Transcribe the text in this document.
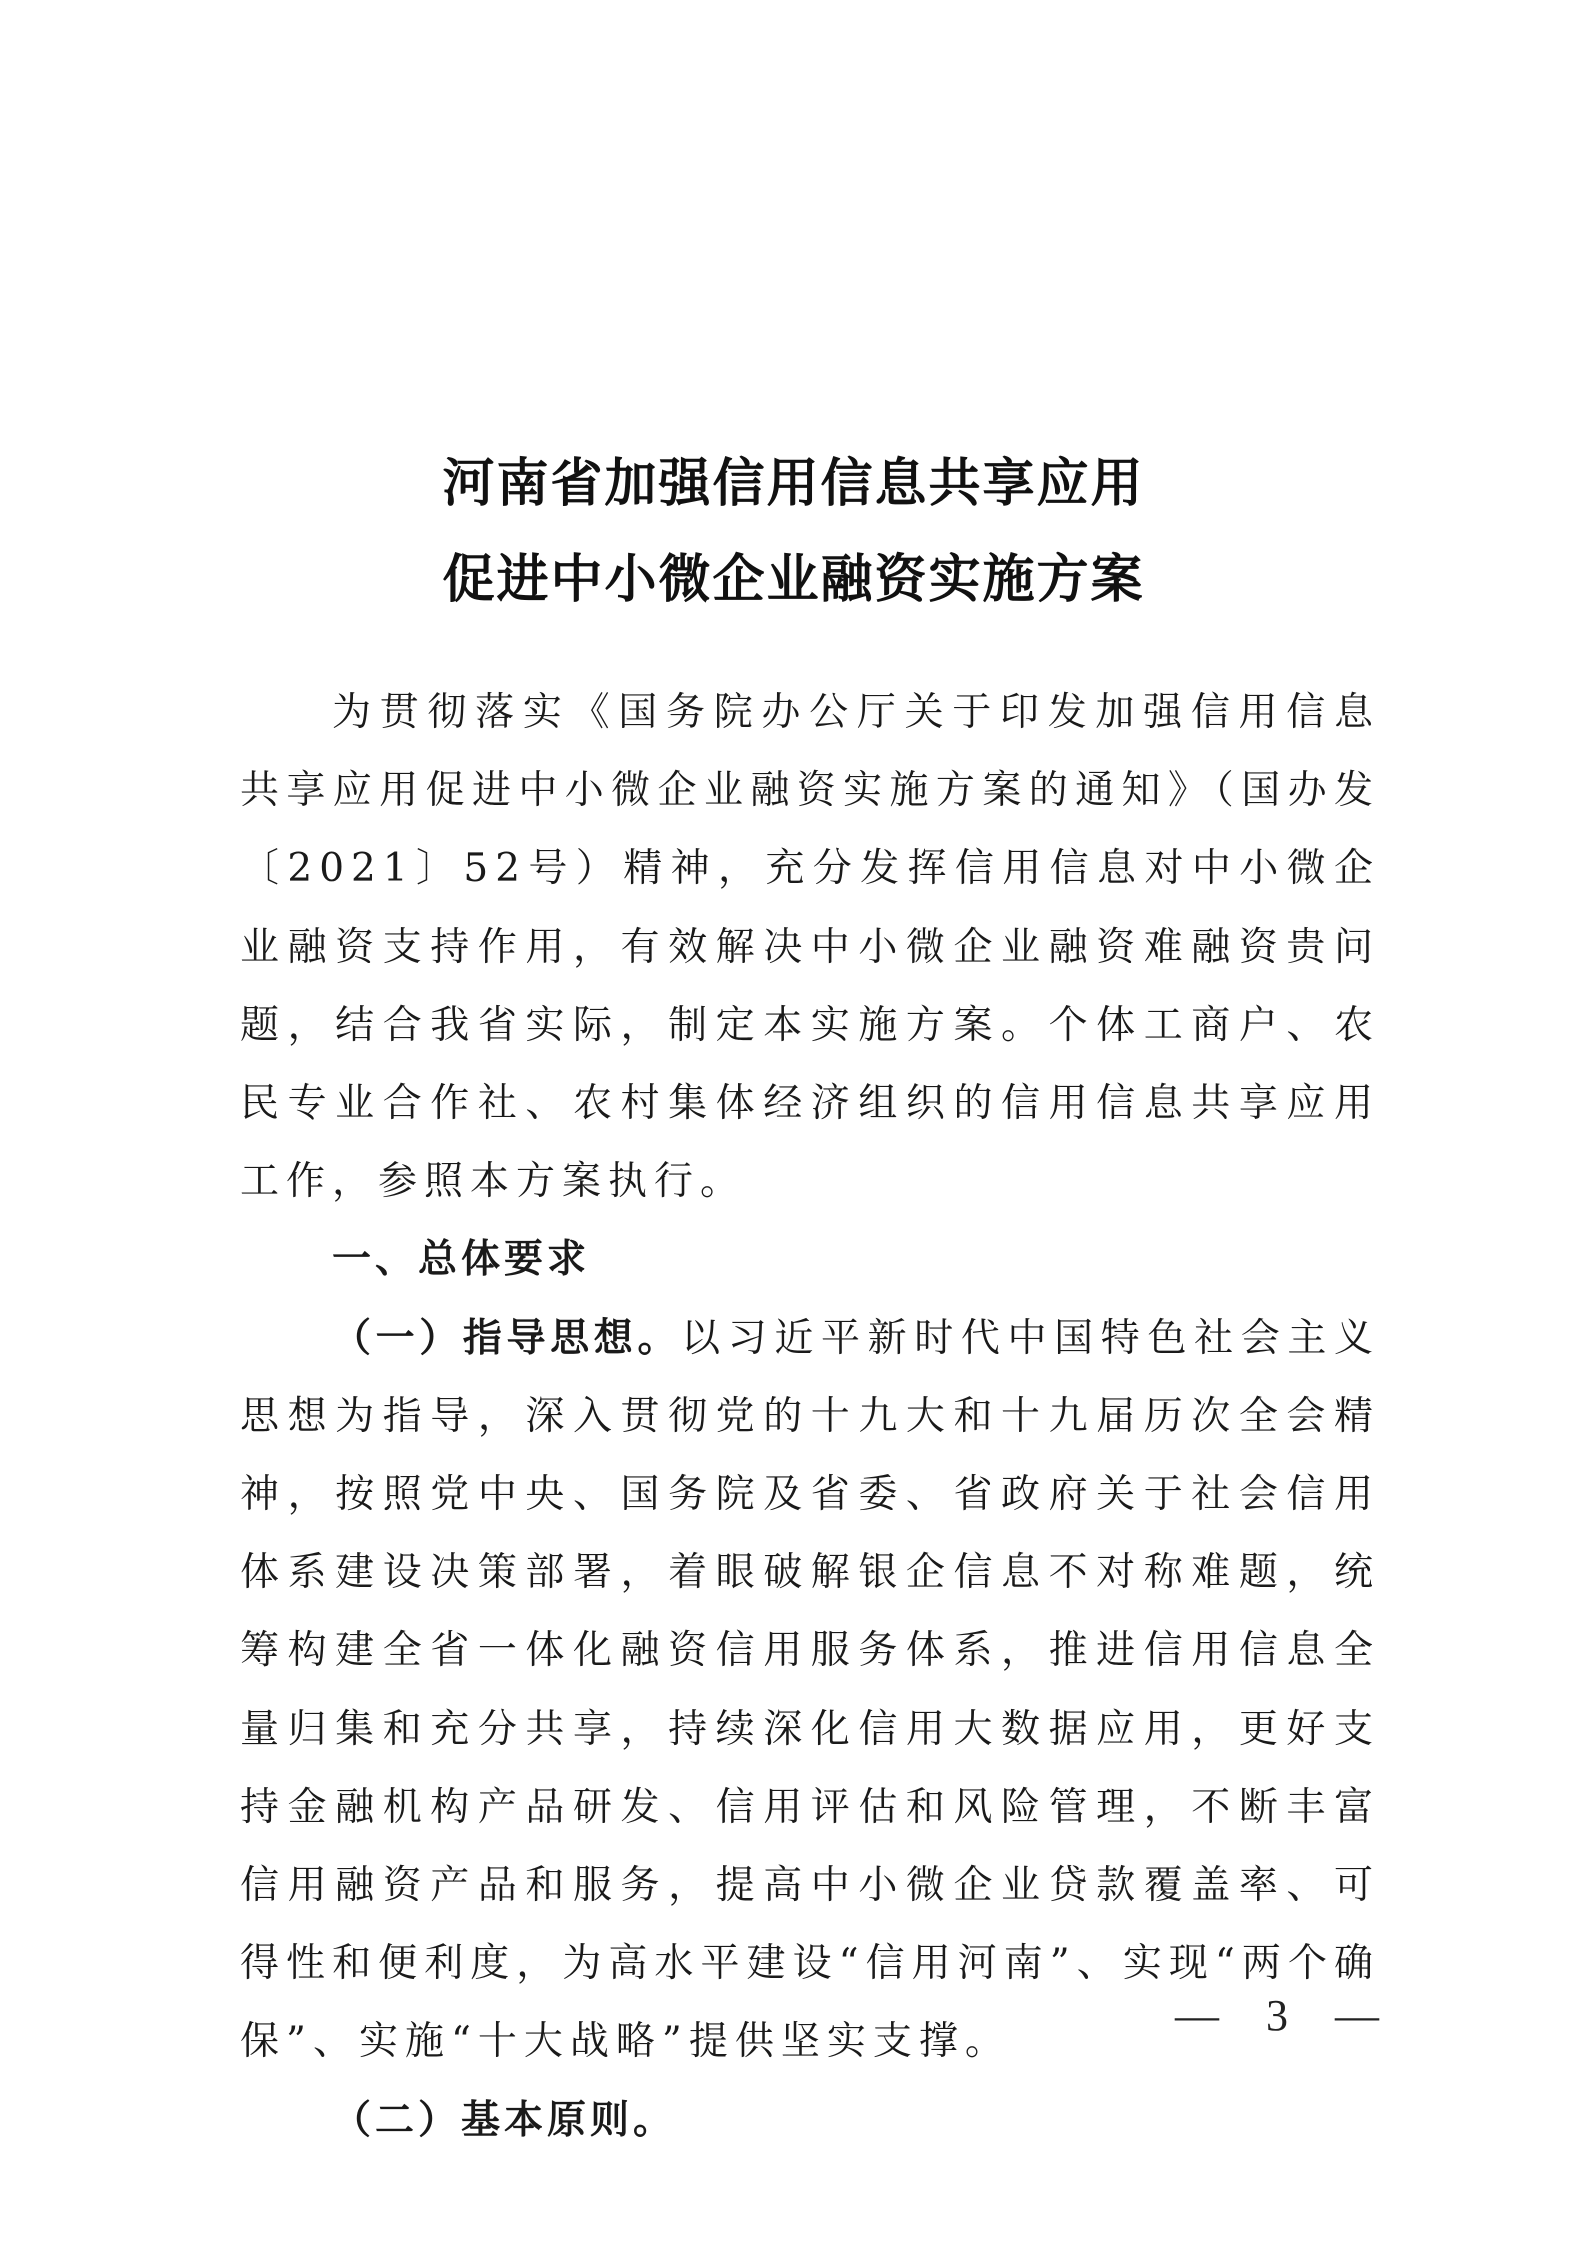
河南省加强信用信息共享应用
促进中小微企业融资实施方案

为贯彻落实《国务院办公厅关于印发加强信用信息共享应用促进中小微企业融资实施方案的通知》（国办发〔2021〕52号）精神，充分发挥信用信息对中小微企业融资支持作用，有效解决中小微企业融资难融资贵问题，结合我省实际，制定本实施方案。个体工商户、农民专业合作社、农村集体经济组织的信用信息共享应用工作，参照本方案执行。

一、总体要求

（一）指导思想。以习近平新时代中国特色社会主义思想为指导，深入贯彻党的十九大和十九届历次全会精神，按照党中央、国务院及省委、省政府关于社会信用体系建设决策部署，着眼破解银企信息不对称难题，统筹构建全省一体化融资信用服务体系，推进信用信息全量归集和充分共享，持续深化信用大数据应用，更好支持金融机构产品研发、信用评估和风险管理，不断丰富信用融资产品和服务，提高中小微企业贷款覆盖率、可得性和便利度，为高水平建设“信用河南”、实现“两个确保”、实施“十大战略”提供坚实支撑。

（二）基本原则。

— 3 —
